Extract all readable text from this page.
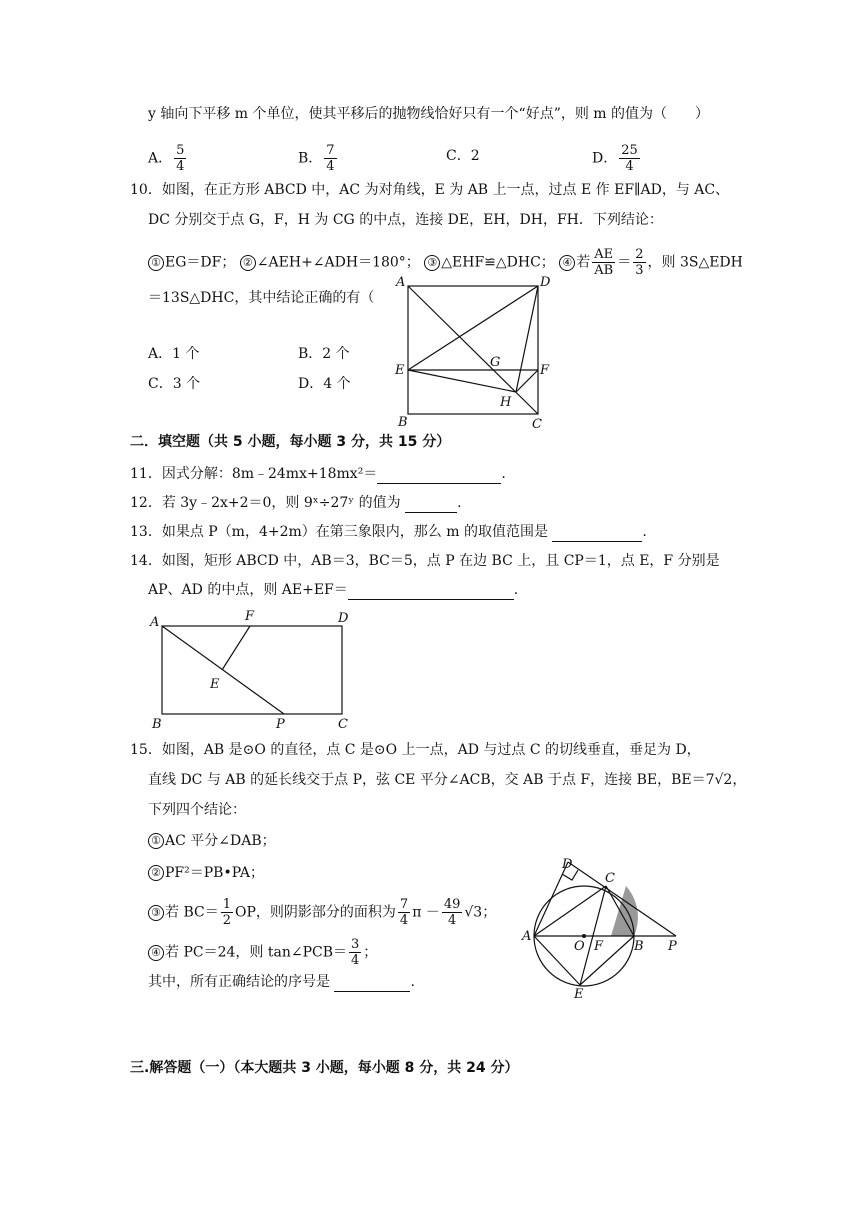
y 轴向下平移 m 个单位，使其平移后的抛物线恰好只有一个“好点”，则 m 的值为（　　）
A． $\frac{5}{4}$	B． $\frac{7}{4}$	C．2	D． $\frac{25}{4}$
10．如图，在正方形 ABCD 中，AC 为对角线，E 为 AB 上一点，过点 E 作 EF∥AD，与 AC、
DC 分别交于点 G，F，H 为 CG 的中点，连接 DE，EH，DH，FH．下列结论：
① EG＝DF； ② ∠AEH+∠ADH＝180°； ③ △EHF≌△DHC； ④ 若 $\frac{AE}{AB} = \frac{2}{3}$ ，则 3S△EDH
＝13S△DHC，其中结论正确的有（
A．1 个	B．2 个
C．3 个	D．4 个
A	D
E
G
F
H
B	C
二．填空题（共 5 小题，每小题 3 分，共 15 分）
11．因式分解：8m﹣24mx+18mx²＝	.
12．若 3y﹣2x+2＝0，则 9ˣ÷27ʸ 的值为	.
13．如果点 P（m，4+2m）在第三象限内，那么 m 的取值范围是	.
14．如图，矩形 ABCD 中，AB＝3，BC＝5，点 P 在边 BC 上，且 CP＝1，点 E，F 分别是
AP、AD 的中点，则 AE+EF＝	.
A	F	D
E
B	P	C
15．如图，AB 是⊙O 的直径，点 C 是⊙O 上一点，AD 与过点 C 的切线垂直，垂足为 D，
直线 DC 与 AB 的延长线交于点 P，弦 CE 平分∠ACB，交 AB 于点 F，连接 BE，BE＝7√2，
下列四个结论：
① AC 平分∠DAB；
② PF²＝PB•PA；
③ 若 $BC= \frac{1}{2}$ OP，则阴影部分的面积为 $\frac{7}{4}$ $\pi - \frac{49}{4} √3$；
④ 若 PC＝24，则 tan∠PCB＝ $\frac{3}{4}$ ；
其中，所有正确结论的序号是	.
D
C
A
O F B P
E
三.解答题（一）（本大题共 3 小题，每小题 8 分，共 24 分）
